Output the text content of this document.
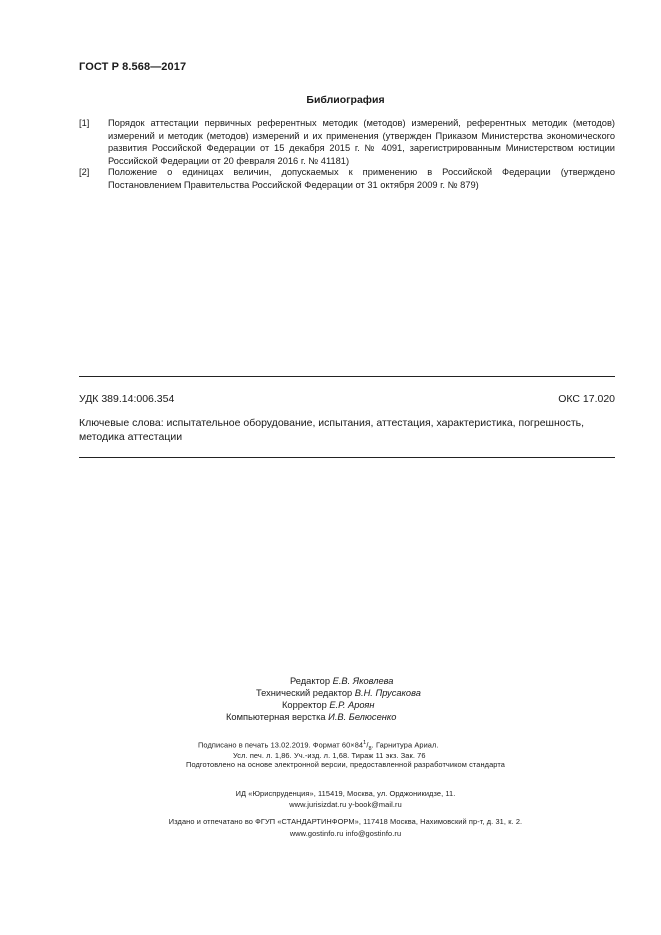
ГОСТ Р 8.568—2017
Библиография
[1] Порядок аттестации первичных референтных методик (методов) измерений, референтных методик (методов) измерений и методик (методов) измерений и их применения (утвержден Приказом Министерства экономического развития Российской Федерации от 15 декабря 2015 г. № 4091, зарегистрированным Министерством юстиции Российской Федерации от 20 февраля 2016 г. № 41181)
[2] Положение о единицах величин, допускаемых к применению в Российской Федерации (утверждено Постановлением Правительства Российской Федерации от 31 октября 2009 г. № 879)
УДК 389.14:006.354	ОКС 17.020
Ключевые слова: испытательное оборудование, испытания, аттестация, характеристика, погрешность, методика аттестации
Редактор Е.В. Яковлева
Технический редактор В.Н. Прусакова
Корректор Е.Р. Ароян
Компьютерная верстка И.В. Белюсенко
Подписано в печать 13.02.2019. Формат $60\times 84^1/_8$. Гарнитура Ариал.
Усл. печ. л. 1,86. Уч.-изд. л. 1,68. Тираж 11 экз. Зак. 76
Подготовлено на основе электронной версии, предоставленной разработчиком стандарта
ИД «Юриспруденция», 115419, Москва, ул. Орджоникидзе, 11.
www.jurisizdat.ru y-book@mail.ru
Издано и отпечатано во ФГУП «СТАНДАРТИНФОРМ», 117418 Москва, Нахимовский пр-т, д. 31, к. 2.
www.gostinfo.ru info@gostinfo.ru
